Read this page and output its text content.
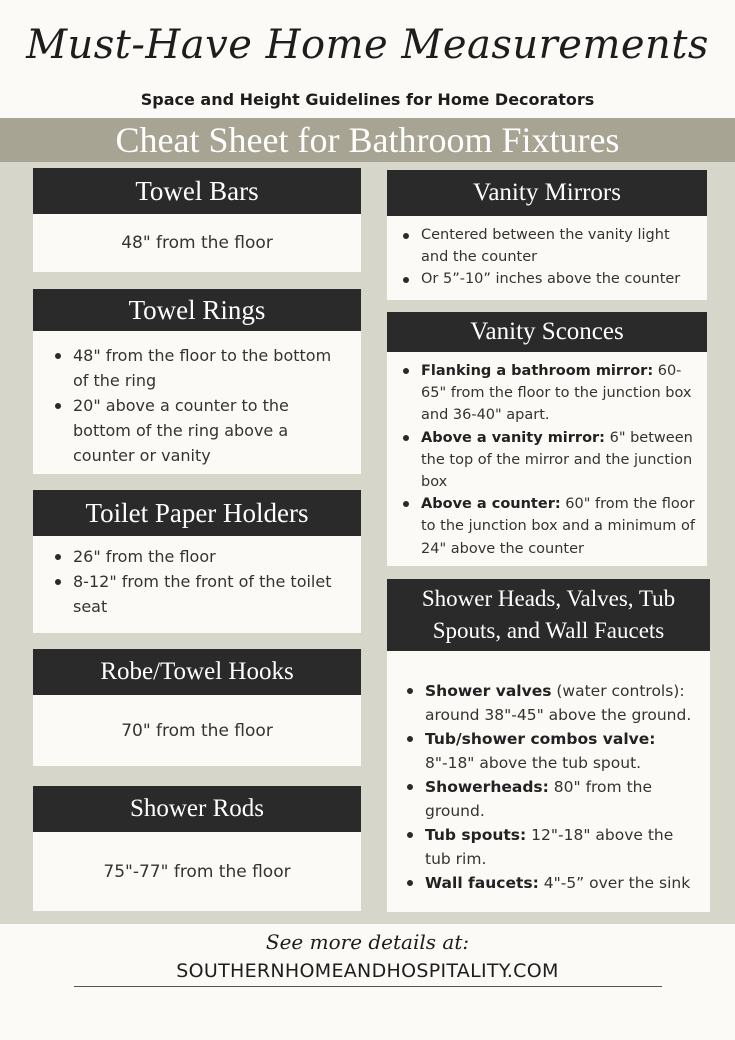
Must-Have Home Measurements
Space and Height Guidelines for Home Decorators
Cheat Sheet for Bathroom Fixtures
Towel Bars
48" from the floor
Towel Rings
48" from the floor to the bottom of the ring
20" above a counter to the bottom of the ring above a counter or vanity
Toilet Paper Holders
26" from the floor
8-12" from the front of the toilet seat
Robe/Towel Hooks
70" from the floor
Shower Rods
75"-77" from the floor
Vanity Mirrors
Centered between the vanity light and the counter
Or 5”-10” inches above the counter
Vanity Sconces
Flanking a bathroom mirror: 60-65" from the floor to the junction box and 36-40" apart.
Above a vanity mirror: 6" between the top of the mirror and the junction box
Above a counter: 60" from the floor to the junction box and a minimum of 24" above the counter
Shower Heads, Valves, Tub
Spouts, and Wall Faucets
Shower valves (water controls): around 38"-45" above the ground.
Tub/shower combos valve: 8"-18" above the tub spout.
Showerheads: 80" from the ground.
Tub spouts: 12"-18" above the tub rim.
Wall faucets: 4"-5” over the sink
See more details at:
SOUTHERNHOMEANDHOSPITALITY.COM
